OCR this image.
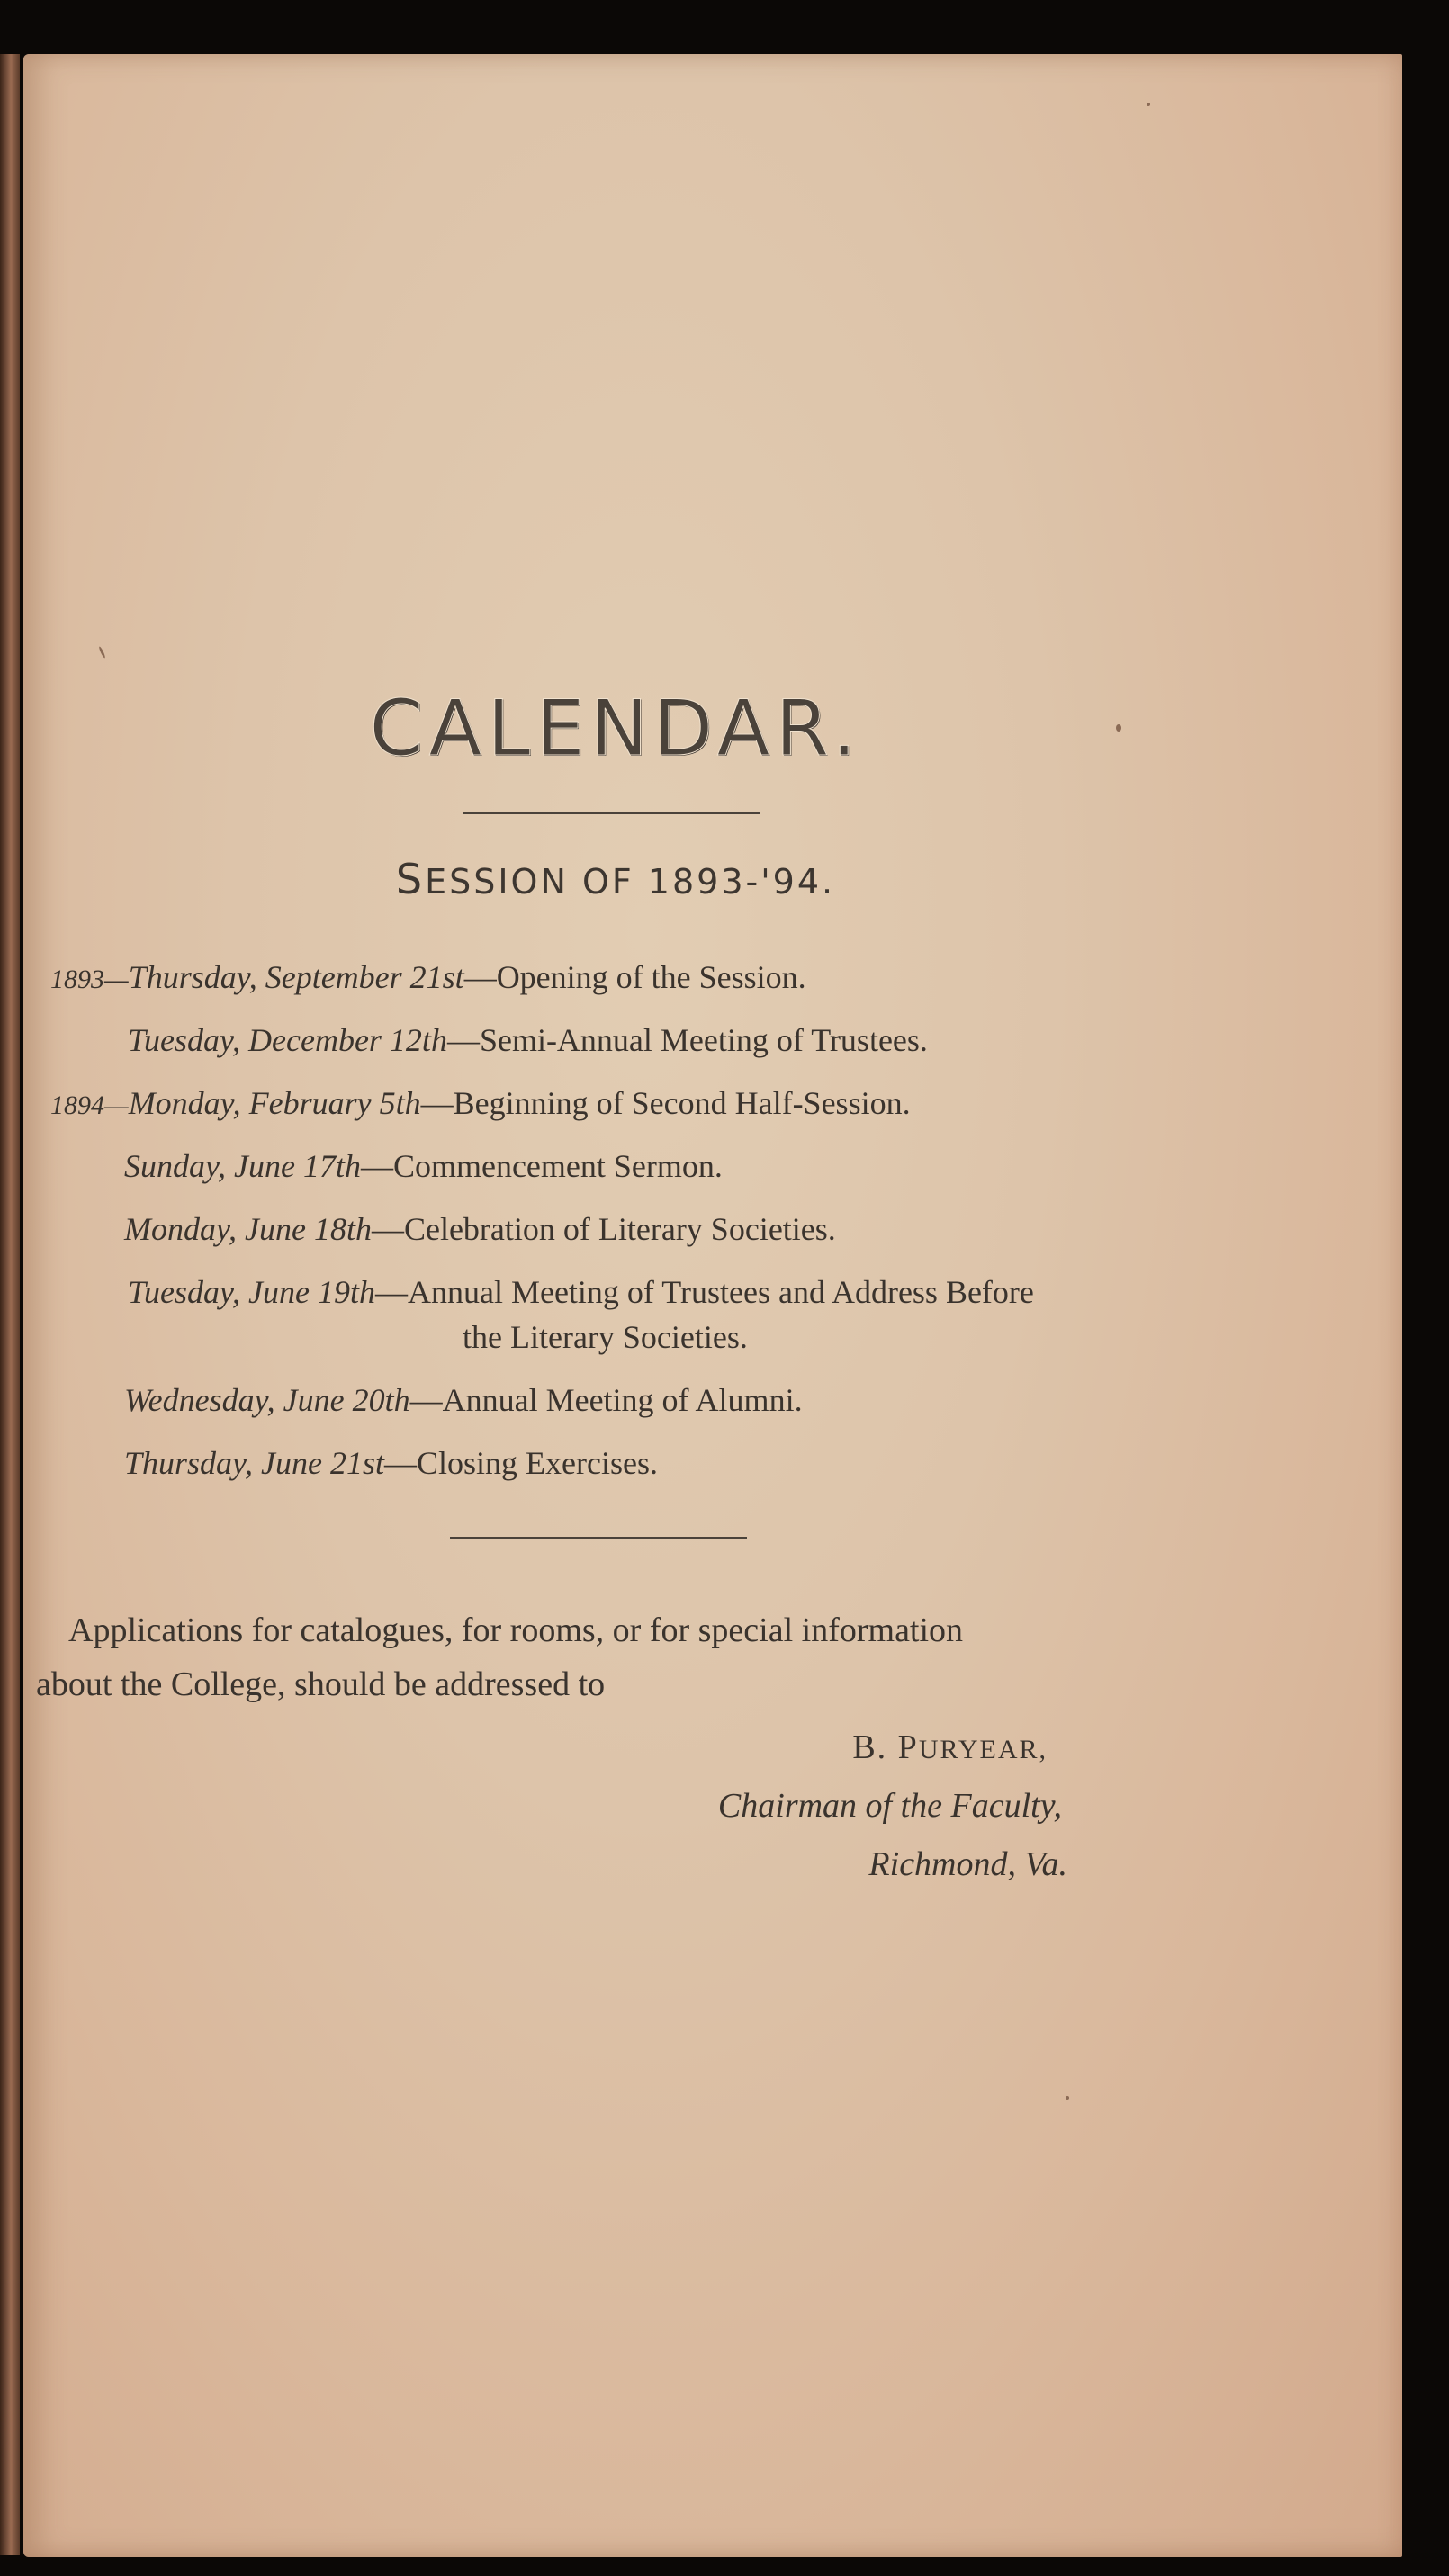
CALENDAR.
SESSION OF 1893-'94.
1893—Thursday, September 21st—Opening of the Session.
Tuesday, December 12th—Semi-Annual Meeting of Trustees.
1894—Monday, February 5th—Beginning of Second Half-Session.
Sunday, June 17th—Commencement Sermon.
Monday, June 18th—Celebration of Literary Societies.
Tuesday, June 19th—Annual Meeting of Trustees and Address Before
the Literary Societies.
Wednesday, June 20th—Annual Meeting of Alumni.
Thursday, June 21st—Closing Exercises.
Applications for catalogues, for rooms, or for special information
about the College, should be addressed to
B. PURYEAR,
Chairman of the Faculty,
Richmond, Va.
